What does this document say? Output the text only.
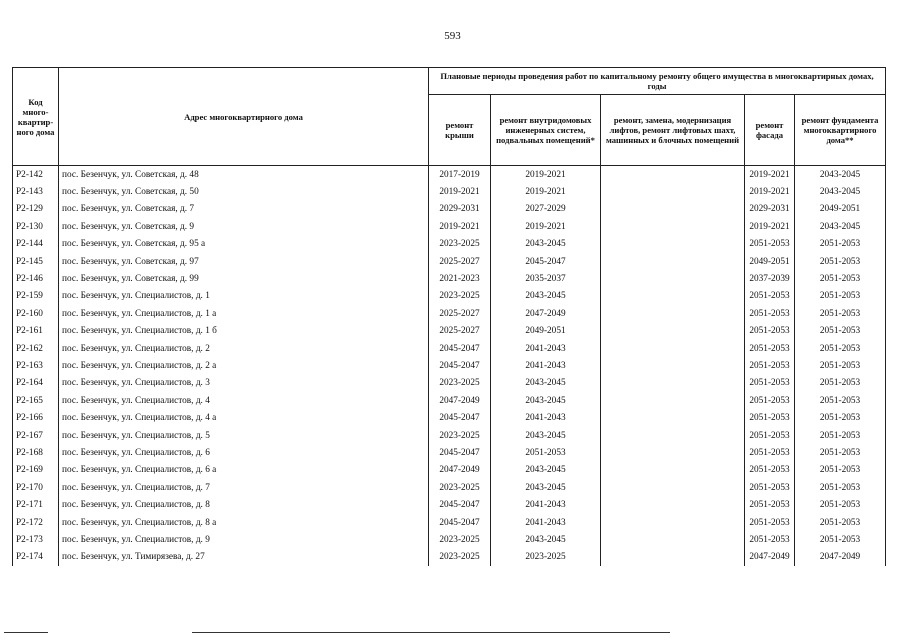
593
Код много-квартир-ного дома	Адрес многоквартирного дома	Плановые периоды проведения работ по капитальному ремонту общего имущества в многоквартирных домах, годы				
		ремонт крыши	ремонт внутридомовых инженерных систем, подвальных помещений*	ремонт, замена, модернизация лифтов, ремонт лифтовых шахт, машинных и блочных помещений	ремонт фасада	ремонт фундамента многоквартирного дома**
Р2-142	пос. Безенчук, ул. Советская, д. 48	2017-2019	2019-2021		2019-2021	2043-2045
Р2-143	пос. Безенчук, ул. Советская, д. 50	2019-2021	2019-2021		2019-2021	2043-2045
Р2-129	пос. Безенчук, ул. Советская, д. 7	2029-2031	2027-2029		2029-2031	2049-2051
Р2-130	пос. Безенчук, ул. Советская, д. 9	2019-2021	2019-2021		2019-2021	2043-2045
Р2-144	пос. Безенчук, ул. Советская, д. 95 а	2023-2025	2043-2045		2051-2053	2051-2053
Р2-145	пос. Безенчук, ул. Советская, д. 97	2025-2027	2045-2047		2049-2051	2051-2053
Р2-146	пос. Безенчук, ул. Советская, д. 99	2021-2023	2035-2037		2037-2039	2051-2053
Р2-159	пос. Безенчук, ул. Специалистов, д. 1	2023-2025	2043-2045		2051-2053	2051-2053
Р2-160	пос. Безенчук, ул. Специалистов, д. 1 а	2025-2027	2047-2049		2051-2053	2051-2053
Р2-161	пос. Безенчук, ул. Специалистов, д. 1 б	2025-2027	2049-2051		2051-2053	2051-2053
Р2-162	пос. Безенчук, ул. Специалистов, д. 2	2045-2047	2041-2043		2051-2053	2051-2053
Р2-163	пос. Безенчук, ул. Специалистов, д. 2 а	2045-2047	2041-2043		2051-2053	2051-2053
Р2-164	пос. Безенчук, ул. Специалистов, д. 3	2023-2025	2043-2045		2051-2053	2051-2053
Р2-165	пос. Безенчук, ул. Специалистов, д. 4	2047-2049	2043-2045		2051-2053	2051-2053
Р2-166	пос. Безенчук, ул. Специалистов, д. 4 а	2045-2047	2041-2043		2051-2053	2051-2053
Р2-167	пос. Безенчук, ул. Специалистов, д. 5	2023-2025	2043-2045		2051-2053	2051-2053
Р2-168	пос. Безенчук, ул. Специалистов, д. 6	2045-2047	2051-2053		2051-2053	2051-2053
Р2-169	пос. Безенчук, ул. Специалистов, д. 6 а	2047-2049	2043-2045		2051-2053	2051-2053
Р2-170	пос. Безенчук, ул. Специалистов, д. 7	2023-2025	2043-2045		2051-2053	2051-2053
Р2-171	пос. Безенчук, ул. Специалистов, д. 8	2045-2047	2041-2043		2051-2053	2051-2053
Р2-172	пос. Безенчук, ул. Специалистов, д. 8 а	2045-2047	2041-2043		2051-2053	2051-2053
Р2-173	пос. Безенчук, ул. Специалистов, д. 9	2023-2025	2043-2045		2051-2053	2051-2053
Р2-174	пос. Безенчук, ул. Тимирязева, д. 27	2023-2025	2023-2025		2047-2049	2047-2049
